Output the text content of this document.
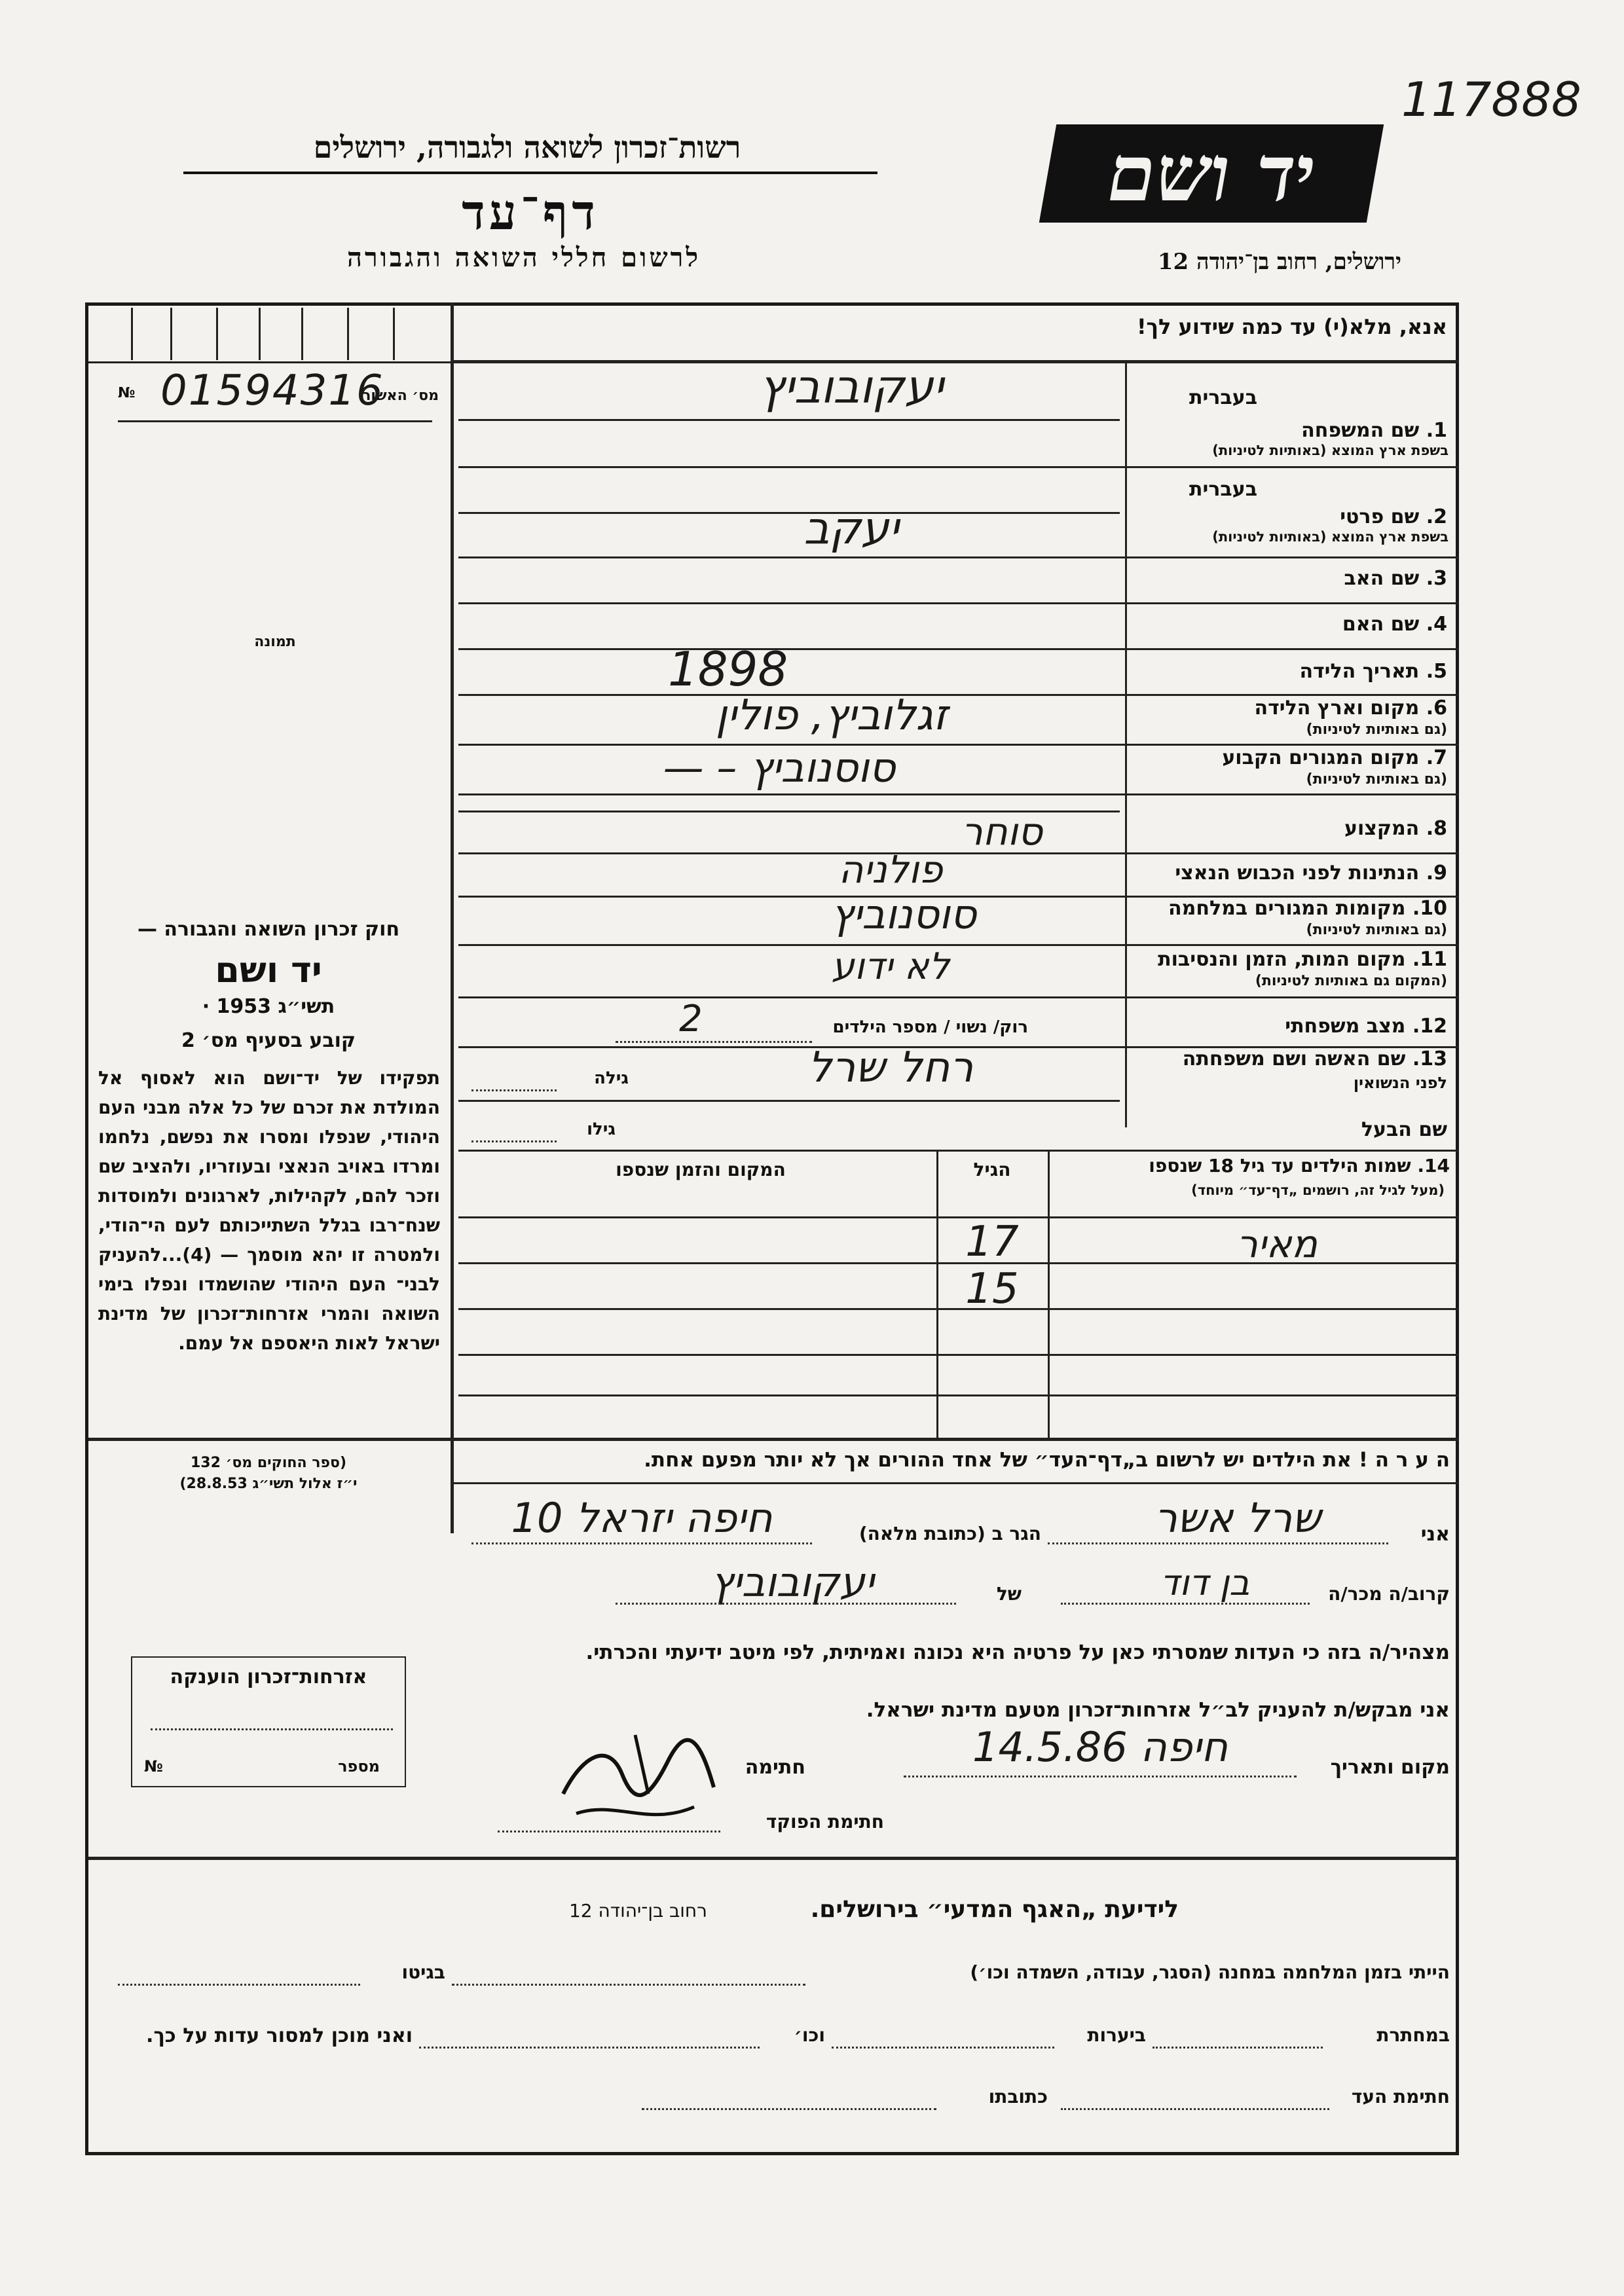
117888
יד ושם
רשות־זכרון לשואה ולגבורה, ירושלים
דף־עד
לרשום חללי השואה והגבורה	ירושלים, רחוב בן־יהודה 12
№	מס׳ האשור
01594316
תמונה
אנא, מלא(י) עד כמה שידוע לך!
בעברית
1. שם המשפחה
בשפת ארץ המוצא (באותיות לטיניות)
יעקובוביץ
בעברית
2. שם פרטי
בשפת ארץ המוצא (באותיות לטיניות)
יעקב
3. שם האב
4. שם האם
5. תאריך הלידה
1898
6. מקום וארץ הלידה
(גם באותיות לטיניות)
זגלוביץ, פולין
7. מקום המגורים הקבוע
(גם באותיות לטיניות)
סוסנוביץ – —
8. המקצוע
סוחר
9. הנתינות לפני הכבוש הנאצי
פולניה
10. מקומות המגורים במלחמה
(גם באותיות לטיניות)
סוסנוביץ
11. מקום המות, הזמן והנסיבות
(המקום גם באותיות לטיניות)
לא ידוע
12. מצב משפחתי
רוק/ נשוי / מספר הילדים
2
13. שם האשה ושם משפחתה
לפני הנשואין
רחל שרל
גילה
שם הבעל
גילו
14. שמות הילדים עד גיל 18 שנספו
(מעל לגיל זה, רושמים „דף־עד״ מיוחד)
הגיל
המקום והזמן שנספו
מאיר
17
15
חוק זכרון השואה והגבורה —
יד ושם
תשי״ג 1953 ·
קובע בסעיף מס׳ 2
תפקידו של יד־ושם הוא לאסוף אל המולדת את זכרם של כל אלה מבני העם היהודי, שנפלו ומסרו את נפשם, נלחמו ומרדו באויב הנאצי ובעוזריו, ולהציב שם וזכר להם, לקהילות, לארגונים ולמוסדות שנח־רבו בגלל השתייכותם לעם הי־הודי, ולמטרה זו יהא מוסמך — (4)...להעניק לבני־ העם היהודי שהושמדו ונפלו בימי השואה והמרי אזרחות־זכרון של מדינת ישראל לאות היאספם אל עמם.
(ספר החוקים מס׳ 132
י״ז אלול תשי״ג 28.8.53)
ה ע ר ה ! את הילדים יש לרשום ב„דף־העד״ של אחד ההורים אך לא יותר מפעם אחת.
אני
שרל אשר
הגר ב (כתובת מלאה)
חיפה יזראל 10
קרוב/ה מכר/ה
בן דוד
של
יעקובוביץ
מצהיר/ה בזה כי העדות שמסרתי כאן על פרטיה היא נכונה ואמיתית, לפי מיטב ידיעתי והכרתי.
אני מבקש/ת להעניק לב״ל אזרחות־זכרון מטעם מדינת ישראל.
מקום ותאריך
חיפה 14.5.86
חתימה
חתימת הפוקד
אזרחות־זכרון הוענקה
מספר
№
לידיעת „האגף המדעי״ בירושלים.
רחוב בן־יהודה 12
הייתי בזמן המלחמה במחנה (הסגר, עבודה, השמדה וכו׳)
בגיטו
במחתרת
ביערות
וכו׳
ואני מוכן למסור עדות על כך.
חתימת העד
כתובתו
